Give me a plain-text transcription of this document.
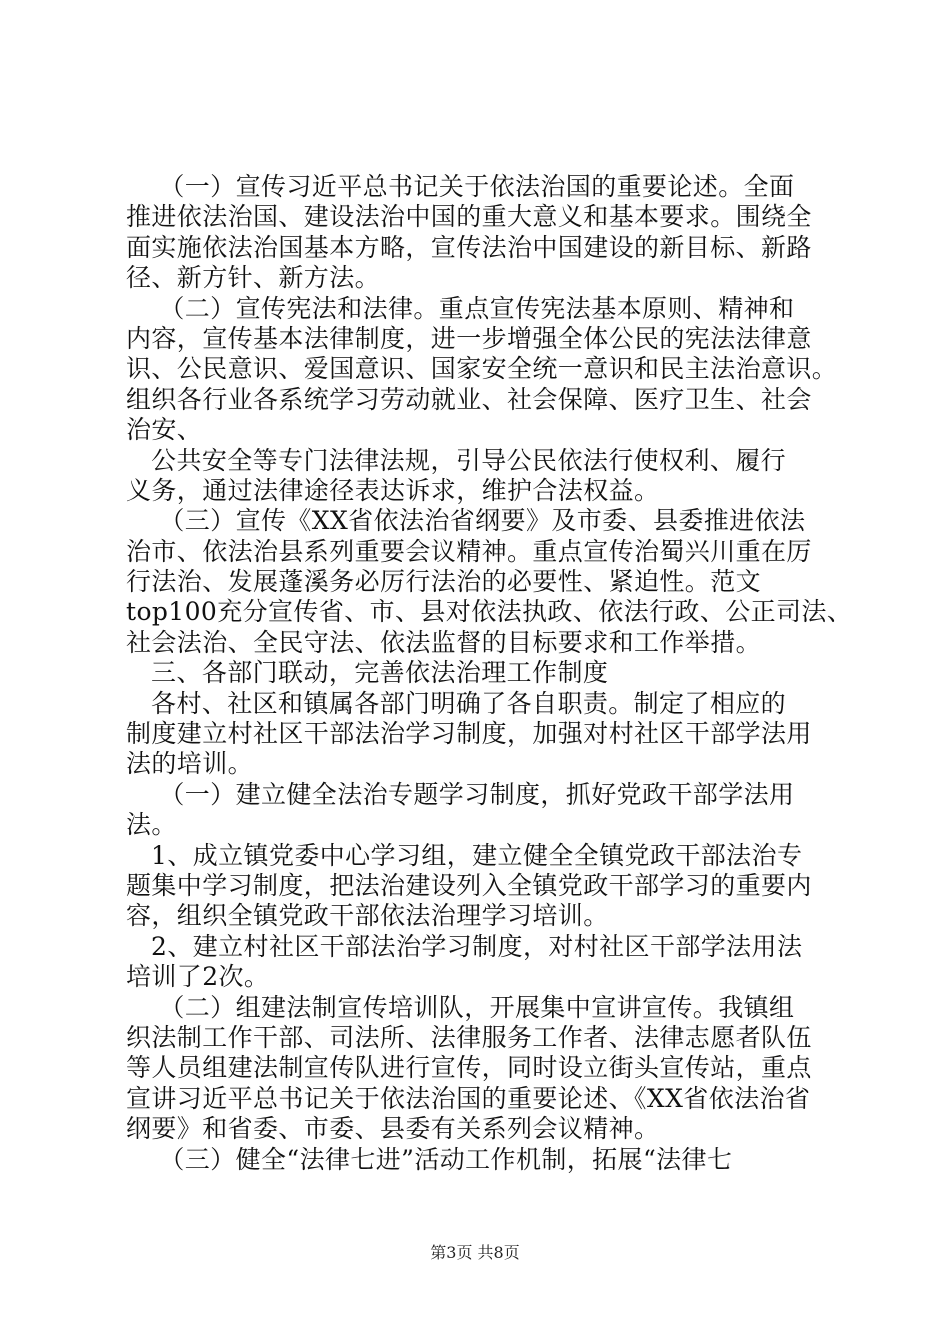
（一）宣传习近平总书记关于依法治国的重要论述。全面
推进依法治国、建设法治中国的重大意义和基本要求。围绕全
面实施依法治国基本方略，宣传法治中国建设的新目标、新路
径、新方针、新方法。
（二）宣传宪法和法律。重点宣传宪法基本原则、精神和
内容，宣传基本法律制度，进一步增强全体公民的宪法法律意
识、公民意识、爱国意识、国家安全统一意识和民主法治意识。
组织各行业各系统学习劳动就业、社会保障、医疗卫生、社会
治安、
公共安全等专门法律法规，引导公民依法行使权利、履行
义务，通过法律途径表达诉求，维护合法权益。
（三）宣传《XX省依法治省纲要》及市委、县委推进依法
治市、依法治县系列重要会议精神。重点宣传治蜀兴川重在厉
行法治、发展蓬溪务必厉行法治的必要性、紧迫性。范文
top100充分宣传省、市、县对依法执政、依法行政、公正司法、
社会法治、全民守法、依法监督的目标要求和工作举措。
三、各部门联动，完善依法治理工作制度
各村、社区和镇属各部门明确了各自职责。制定了相应的
制度建立村社区干部法治学习制度，加强对村社区干部学法用
法的培训。
（一）建立健全法治专题学习制度，抓好党政干部学法用
法。
1、成立镇党委中心学习组，建立健全全镇党政干部法治专
题集中学习制度，把法治建设列入全镇党政干部学习的重要内
容，组织全镇党政干部依法治理学习培训。
2、建立村社区干部法治学习制度，对村社区干部学法用法
培训了2次。
（二）组建法制宣传培训队，开展集中宣讲宣传。我镇组
织法制工作干部、司法所、法律服务工作者、法律志愿者队伍
等人员组建法制宣传队进行宣传，同时设立街头宣传站，重点
宣讲习近平总书记关于依法治国的重要论述、《XX省依法治省
纲要》和省委、市委、县委有关系列会议精神。
（三）健全“法律七进”活动工作机制，拓展“法律七
第3页 共8页
